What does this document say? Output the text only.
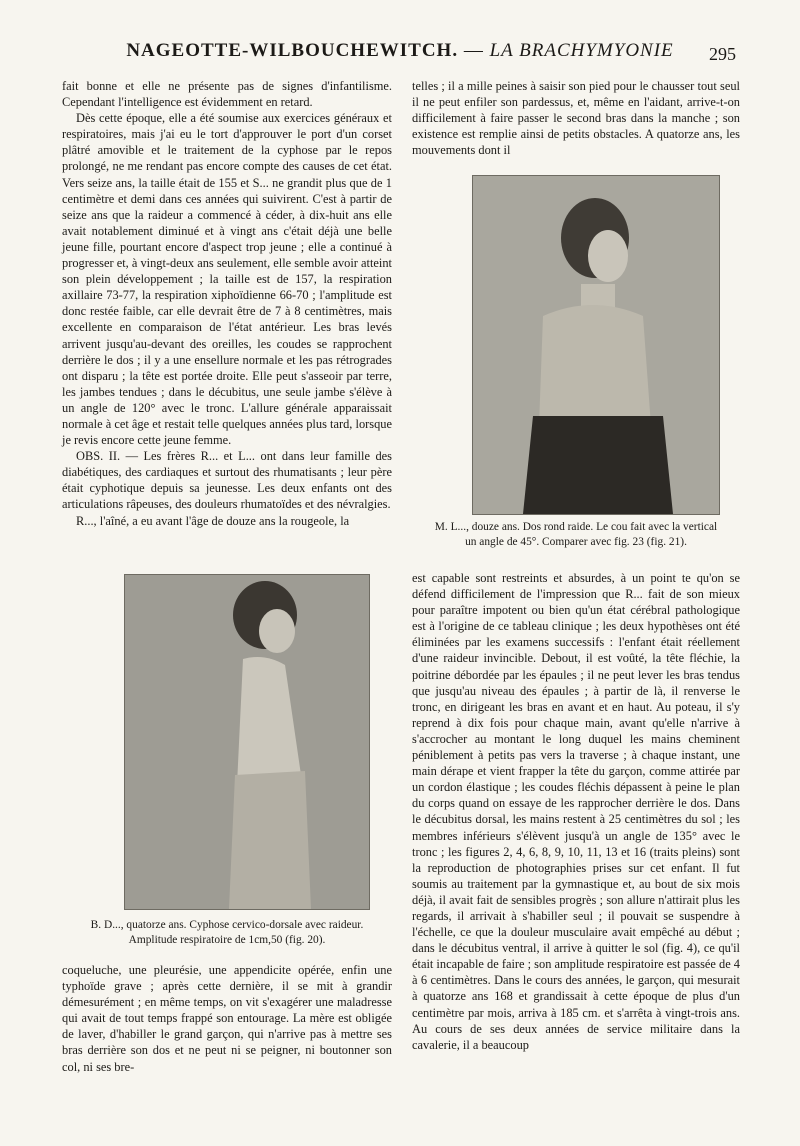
NAGEOTTE-WILBOUCHEWITCH. — LA BRACHYMYONIE	295

fait bonne et elle ne présente pas de signes d'infantilisme. Cependant l'intelligence est évidemment en retard.

Dès cette époque, elle a été soumise aux exercices généraux et respiratoires, mais j'ai eu le tort d'approuver le port d'un corset plâtré amovible et le traitement de la cyphose par le repos prolongé, ne me rendant pas encore compte des causes de cet état. Vers seize ans, la taille était de 155 et S... ne grandit plus que de 1 centimètre et demi dans ces années qui suivirent. C'est à partir de seize ans que la raideur a commencé à céder, à dix-huit ans elle avait notablement diminué et à vingt ans c'était déjà une belle jeune fille, pourtant encore d'aspect trop jeune ; elle a continué à progresser et, à vingt-deux ans seulement, elle semble avoir atteint son plein développement ; la taille est de 157, la respiration axillaire 73-77, la respiration xiphoïdienne 66-70 ; l'amplitude est donc restée faible, car elle devrait être de 7 à 8 centimètres, mais excellente en comparaison de l'état antérieur. Les bras levés arrivent jusqu'au-devant des oreilles, les coudes se rapprochent derrière le dos ; il y a une ensellure normale et les pas rétrogrades ont disparu ; la tête est portée droite. Elle peut s'asseoir par terre, les jambes tendues ; dans le décubitus, une seule jambe s'élève à un angle de 120° avec le tronc. L'allure générale apparaissait normale à cet âge et restait telle quelques années plus tard, lorsque je revis encore cette jeune femme.

OBS. II. — Les frères R... et L... ont dans leur famille des diabétiques, des cardiaques et surtout des rhumatisants ; leur père était cyphotique depuis sa jeunesse. Les deux enfants ont des articulations râpeuses, des douleurs rhumatoïdes et des névralgies.

R..., l'aîné, a eu avant l'âge de douze ans la rougeole, la

telles ; il a mille peines à saisir son pied pour le chausser tout seul il ne peut enfiler son pardessus, et, même en l'aidant, arrive-t-on difficilement à faire passer le second bras dans la manche ; son existence est remplie ainsi de petits obstacles. A quatorze ans, les mouvements dont il

M. L..., douze ans. Dos rond raide. Le cou fait avec la vertical
un angle de 45°. Comparer avec fig. 23 (fig. 21).
B. D..., quatorze ans. Cyphose cervico-dorsale avec raideur.
Amplitude respiratoire de 1cm,50 (fig. 20).

est capable sont restreints et absurdes, à un point te qu'on se défend difficilement de l'impression que R... fait de son mieux pour paraître impotent ou bien qu'un état cérébral pathologique est à l'origine de ce tableau clinique ; les deux hypothèses ont été éliminées par les examens successifs : l'enfant était réellement d'une raideur invincible. Debout, il est voûté, la tête fléchie, la poitrine débordée par les épaules ; il ne peut lever les bras tendus que jusqu'au niveau des épaules ; à partir de là, il renverse le tronc, en dirigeant les bras en avant et en haut. Au poteau, il s'y reprend à dix fois pour chaque main, avant qu'elle n'arrive à s'accrocher au montant le long duquel les mains cheminent péniblement à petits pas vers la traverse ; à chaque instant, une main dérape et vient frapper la tête du garçon, comme attirée par un cordon élastique ; les coudes fléchis dépassent à peine le plan du corps quand on essaye de les rapprocher derrière le dos. Dans le décubitus dorsal, les mains restent à 25 centimètres du sol ; les membres inférieurs s'élèvent jusqu'à un angle de 135° avec le tronc ; les figures 2, 4, 6, 8, 9, 10, 11, 13 et 16 (traits pleins) sont la reproduction de photographies prises sur cet enfant. Il fut soumis au traitement par la gymnastique et, au bout de six mois déjà, il avait fait de sensibles progrès ; son allure n'attirait plus les regards, il arrivait à s'habiller seul ; il pouvait se suspendre à l'échelle, ce que la douleur musculaire avait empêché au début ; dans le décubitus ventral, il arrive à quitter le sol (fig. 4), ce qu'il était incapable de faire ; son amplitude respiratoire est passée de 4 à 6 centimètres. Dans le cours des années, le garçon, qui mesurait à quatorze ans 168 et grandissait à cette époque de plus d'un centimètre par mois, arriva à 185 cm. et s'arrêta à vingt-trois ans. Au cours de ses deux années de service militaire dans la cavalerie, il a beaucoup

coqueluche, une pleurésie, une appendicite opérée, enfin une typhoïde grave ; après cette dernière, il se mit à grandir démesurément ; en même temps, on vit s'exagérer une maladresse qui avait de tout temps frappé son entourage. La mère est obligée de laver, d'habiller le grand garçon, qui n'arrive pas à mettre ses bras derrière son dos et ne peut ni se peigner, ni boutonner son col, ni ses bre-
